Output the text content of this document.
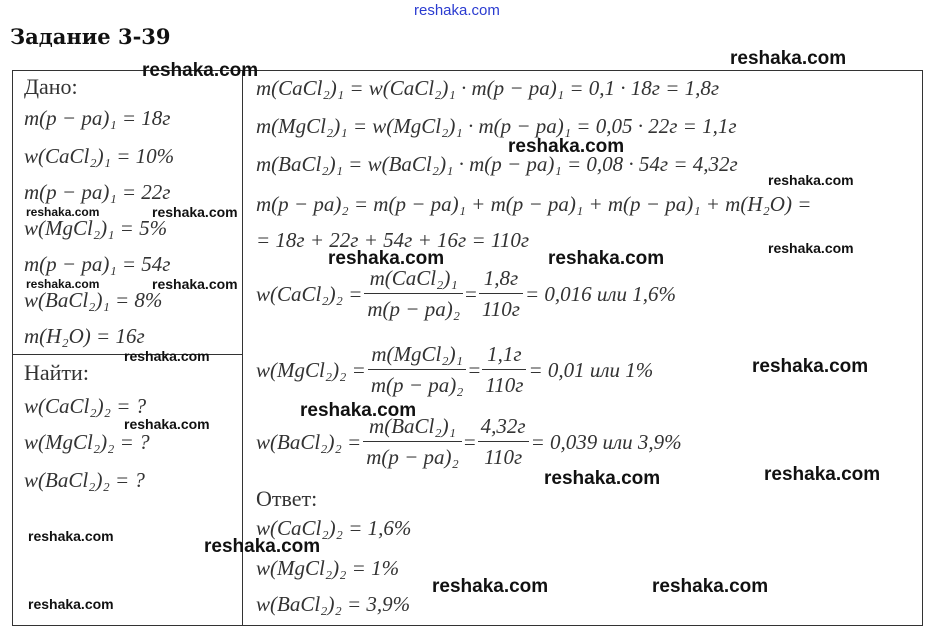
reshaka.com
Задание 3-39
Дано:
m(p − pa)₁ = 18г
w(CaCl₂)₁ = 10%
m(p − pa)₁ = 22г
w(MgCl₂)₁ = 5%
m(p − pa)₁ = 54г
w(BaCl₂)₁ = 8%
m(H₂O) = 16г
Найти:
w(CaCl₂)₂ = ?
w(MgCl₂)₂ = ?
w(BaCl₂)₂ = ?
m(CaCl₂)₁ = w(CaCl₂)₁ · m(p − pa)₁ = 0,1 · 18г = 1,8г
m(MgCl₂)₁ = w(MgCl₂)₁ · m(p − pa)₁ = 0,05 · 22г = 1,1г
m(BaCl₂)₁ = w(BaCl₂)₁ · m(p − pa)₁ = 0,08 · 54г = 4,32г
m(p − pa)₂ = m(p − pa)₁ + m(p − pa)₁ + m(p − pa)₁ + m(H₂O) =
= 18г + 22г + 54г + 16г = 110г
w(CaCl₂)₂ = $\frac{\text{m(CaCl₂)₁}}{\text{m(p − pa)₂}} = \frac{1,8г}{110г} = 0,016$ или 1,6%
w(MgCl₂)₂ = $\frac{\text{m(MgCl₂)₁}}{\text{m(p − pa)₂}} = \frac{1,1г}{110г} = 0,01$ или 1%
w(BaCl₂)₂ = $\frac{\text{m(BaCl₂)₁}}{\text{m(p − pa)₂}} = \frac{4,32г}{110г} = 0,039$ или 3,9%
Ответ:
w(CaCl₂)₂ = 1,6%
w(MgCl₂)₂ = 1%
w(BaCl₂)₂ = 3,9%
reshaka.com
reshaka.com
reshaka.com
reshaka.com
reshaka.com	reshaka.com
reshaka.com
reshaka.com	reshaka.com
reshaka.com	reshaka.com
reshaka.com	reshaka.com
reshaka.com
reshaka.com
reshaka.com
reshaka.com
reshaka.com	reshaka.com
reshaka.com	reshaka.com
reshaka.com
